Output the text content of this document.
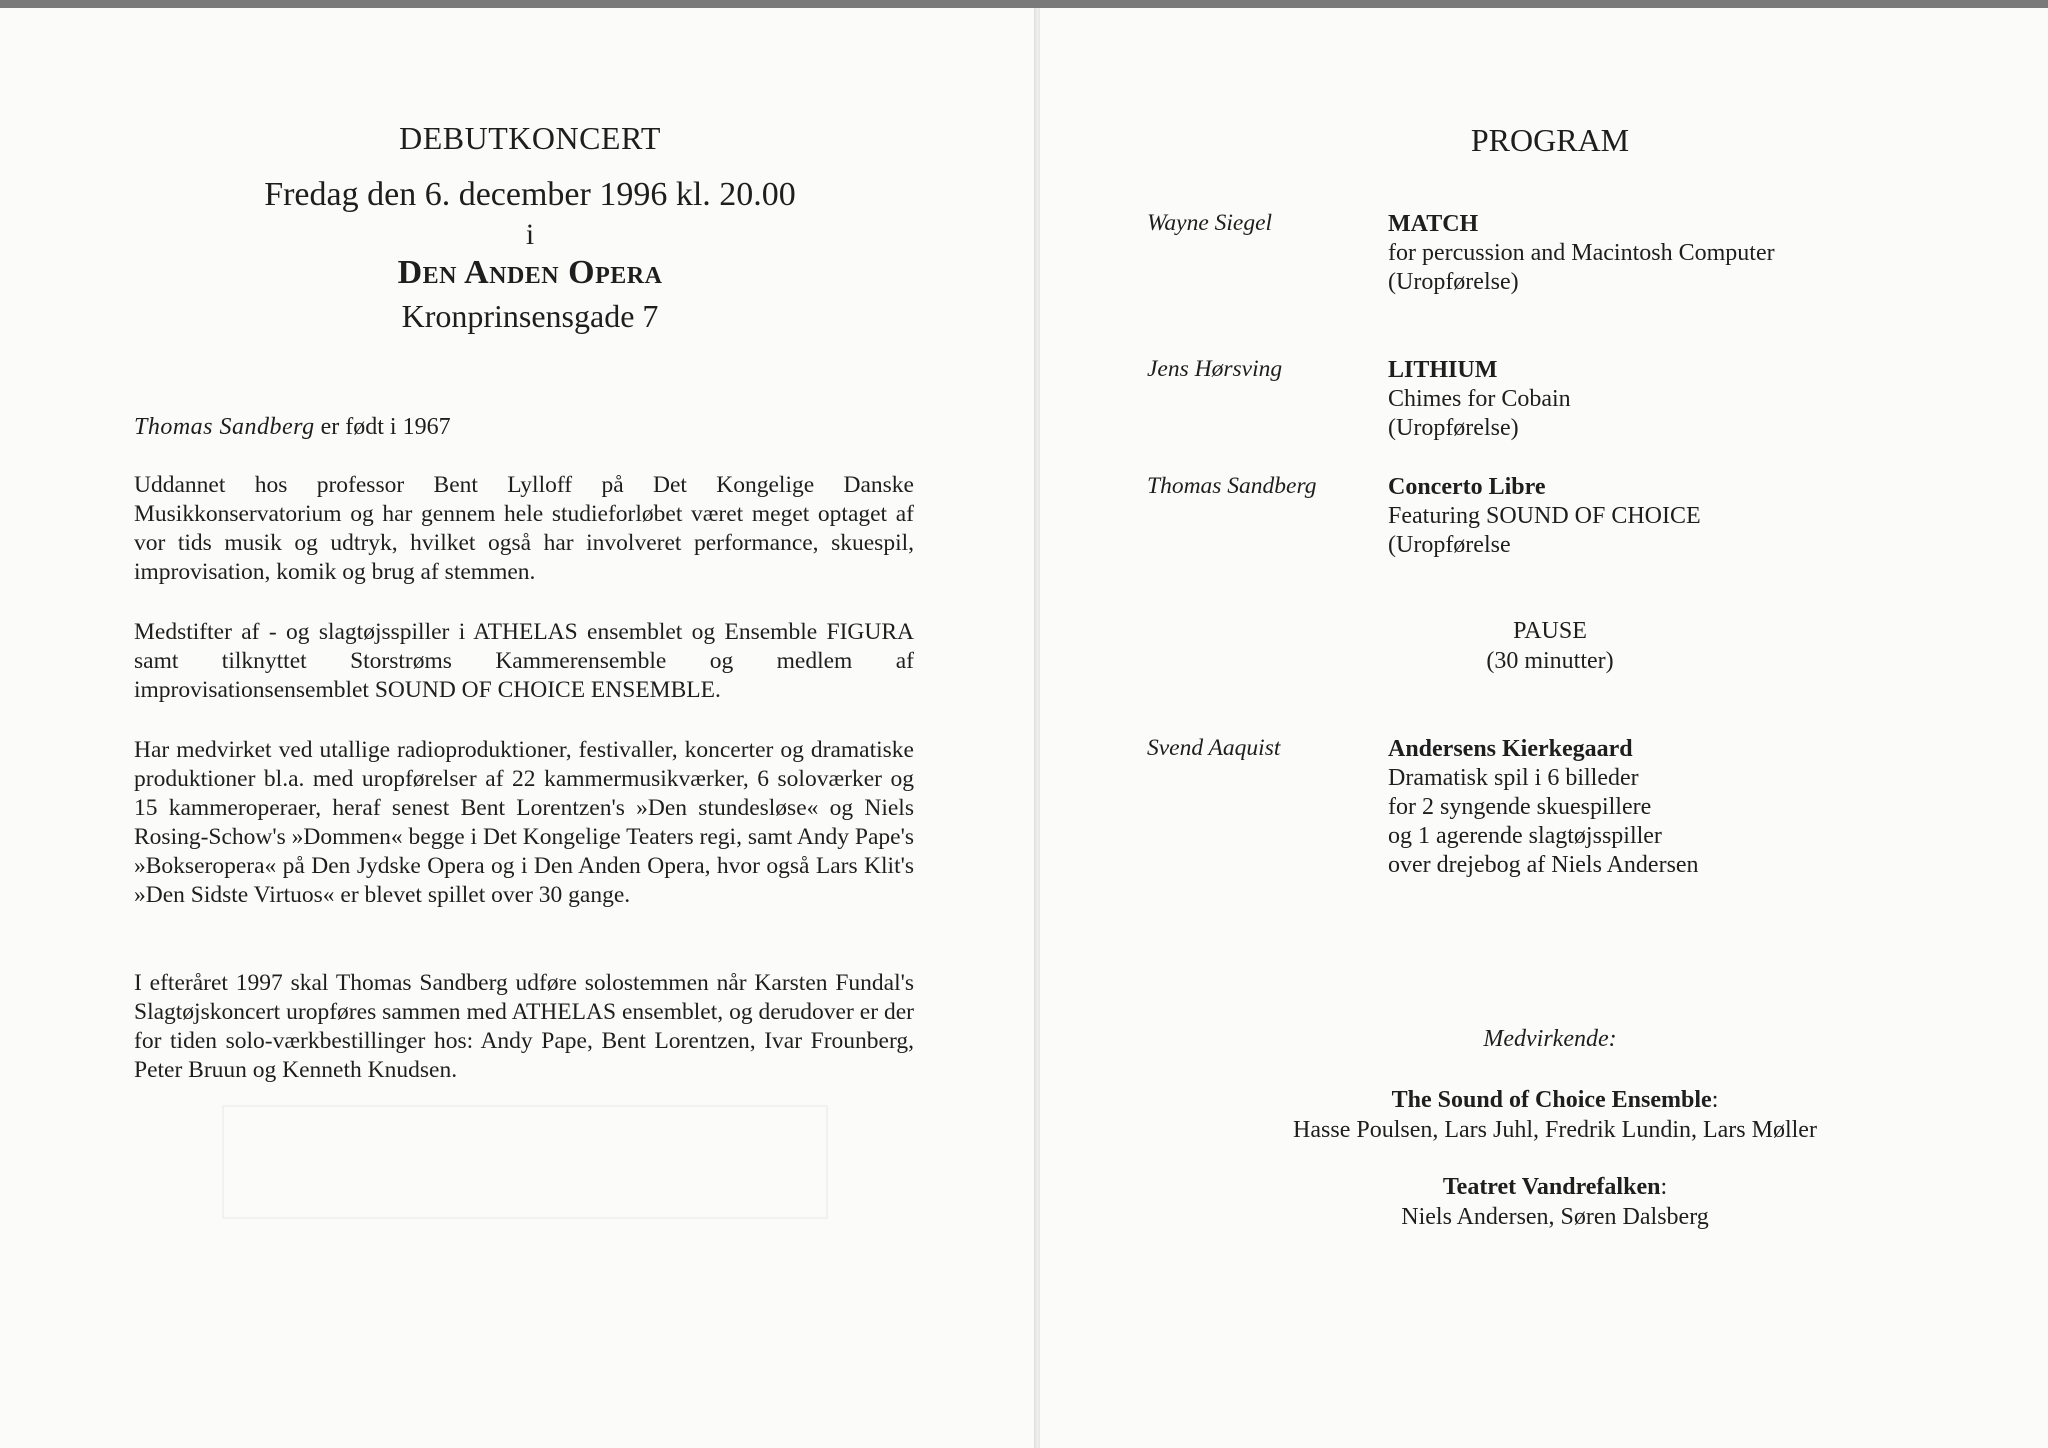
DEBUTKONCERT
Fredag den 6. december 1996 kl. 20.00
i
Den Anden Opera
Kronprinsensgade 7

Thomas Sandberg er født i 1967

Uddannet hos professor Bent Lylloff på Det Kongelige Danske Musikkonservatorium og har gennem hele studieforløbet været meget optaget af vor tids musik og udtryk, hvilket også har involveret performance, skuespil, improvisation, komik og brug af stemmen.

Medstifter af - og slagtøjsspiller i ATHELAS ensemblet og Ensemble FIGURA samt tilknyttet Storstrøms Kammerensemble og medlem af improvisationsensemblet SOUND OF CHOICE ENSEMBLE.

Har medvirket ved utallige radioproduktioner, festivaller, koncerter og dramatiske produktioner bl.a. med uropførelser af 22 kammermusikværker, 6 soloværker og 15 kammeroperaer, heraf senest Bent Lorentzen's »Den stundesløse« og Niels Rosing-Schow's »Dommen« begge i Det Kongelige Teaters regi, samt Andy Pape's »Bokseropera« på Den Jydske Opera og i Den Anden Opera, hvor også Lars Klit's »Den Sidste Virtuos« er blevet spillet over 30 gange.

I efteråret 1997 skal Thomas Sandberg udføre solostemmen når Karsten Fundal's Slagtøjskoncert uropføres sammen med ATHELAS ensemblet, og derudover er der for tiden solo-værkbestillinger hos: Andy Pape, Bent Lorentzen, Ivar Frounberg, Peter Bruun og Kenneth Knudsen.

PROGRAM
Wayne Siegel	MATCH
for percussion and Macintosh Computer
(Uropførelse)
Jens Hørsving	LITHIUM
Chimes for Cobain
(Uropførelse)
Thomas Sandberg	Concerto Libre
Featuring SOUND OF CHOICE
(Uropførelse
PAUSE
(30 minutter)
Svend Aaquist	Andersens Kierkegaard
Dramatisk spil i 6 billeder
for 2 syngende skuespillere
og 1 agerende slagtøjsspiller
over drejebog af Niels Andersen
Medvirkende:
The Sound of Choice Ensemble:
Hasse Poulsen, Lars Juhl, Fredrik Lundin, Lars Møller
Teatret Vandrefalken:
Niels Andersen, Søren Dalsberg
